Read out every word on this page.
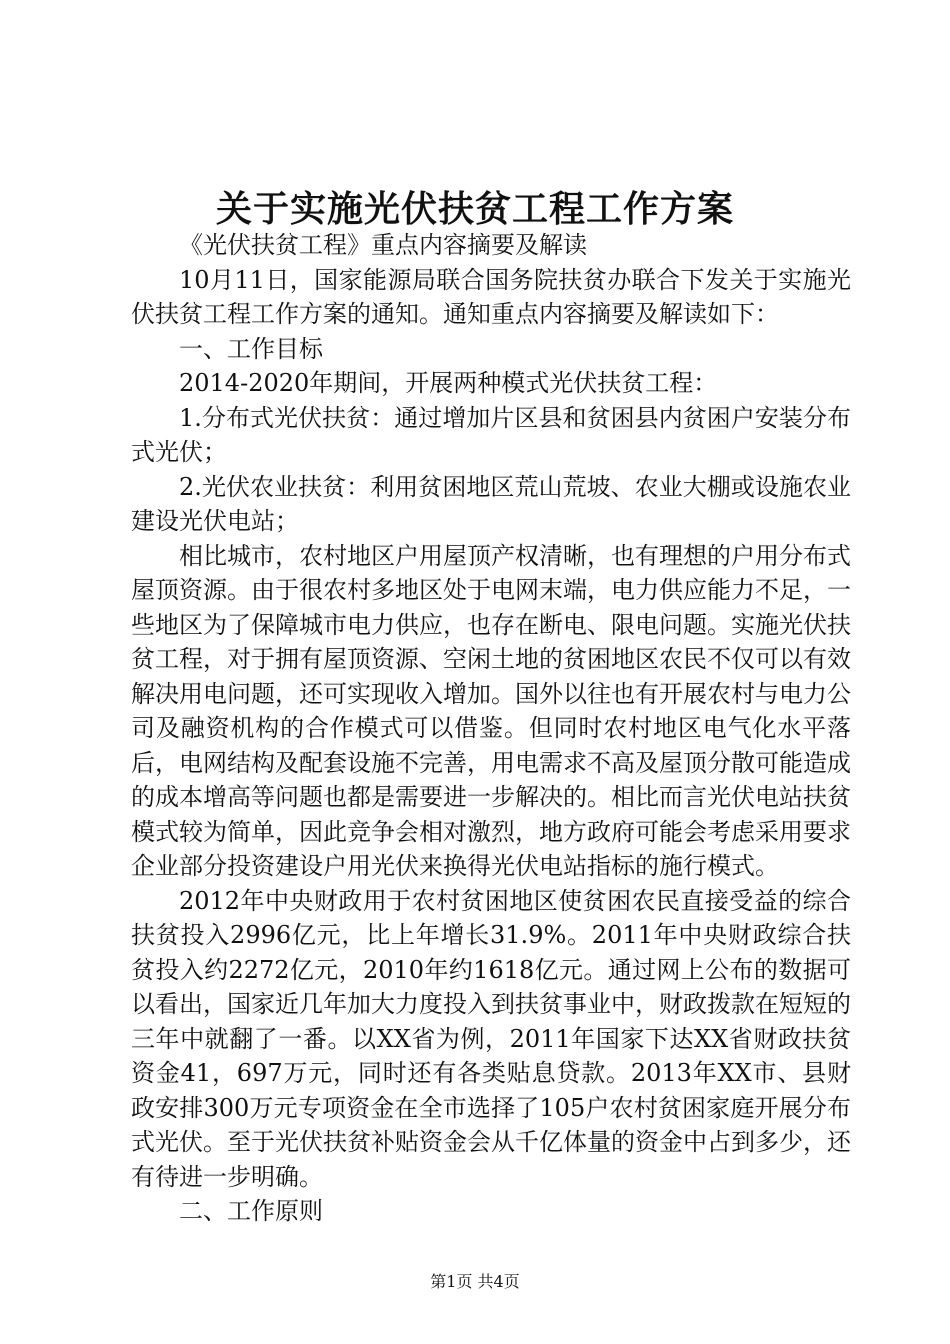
关于实施光伏扶贫工程工作方案

《光伏扶贫工程》重点内容摘要及解读

10月11日，国家能源局联合国务院扶贫办联合下发关于实施光伏扶贫工程工作方案的通知。通知重点内容摘要及解读如下：

一、工作目标

2014-2020年期间，开展两种模式光伏扶贫工程：

1.分布式光伏扶贫：通过增加片区县和贫困县内贫困户安装分布式光伏；

2.光伏农业扶贫：利用贫困地区荒山荒坡、农业大棚或设施农业建设光伏电站；

相比城市，农村地区户用屋顶产权清晰，也有理想的户用分布式屋顶资源。由于很农村多地区处于电网末端，电力供应能力不足，一些地区为了保障城市电力供应，也存在断电、限电问题。实施光伏扶贫工程，对于拥有屋顶资源、空闲土地的贫困地区农民不仅可以有效解决用电问题，还可实现收入增加。国外以往也有开展农村与电力公司及融资机构的合作模式可以借鉴。但同时农村地区电气化水平落后，电网结构及配套设施不完善，用电需求不高及屋顶分散可能造成的成本增高等问题也都是需要进一步解决的。相比而言光伏电站扶贫模式较为简单，因此竞争会相对激烈，地方政府可能会考虑采用要求企业部分投资建设户用光伏来换得光伏电站指标的施行模式。

2012年中央财政用于农村贫困地区使贫困农民直接受益的综合扶贫投入2996亿元，比上年增长31.9%。2011年中央财政综合扶贫投入约2272亿元，2010年约1618亿元。通过网上公布的数据可以看出，国家近几年加大力度投入到扶贫事业中，财政拨款在短短的三年中就翻了一番。以XX省为例，2011年国家下达XX省财政扶贫资金41，697万元，同时还有各类贴息贷款。2013年XX市、县财政安排300万元专项资金在全市选择了105户农村贫困家庭开展分布式光伏。至于光伏扶贫补贴资金会从千亿体量的资金中占到多少，还有待进一步明确。

二、工作原则

第1页 共4页
